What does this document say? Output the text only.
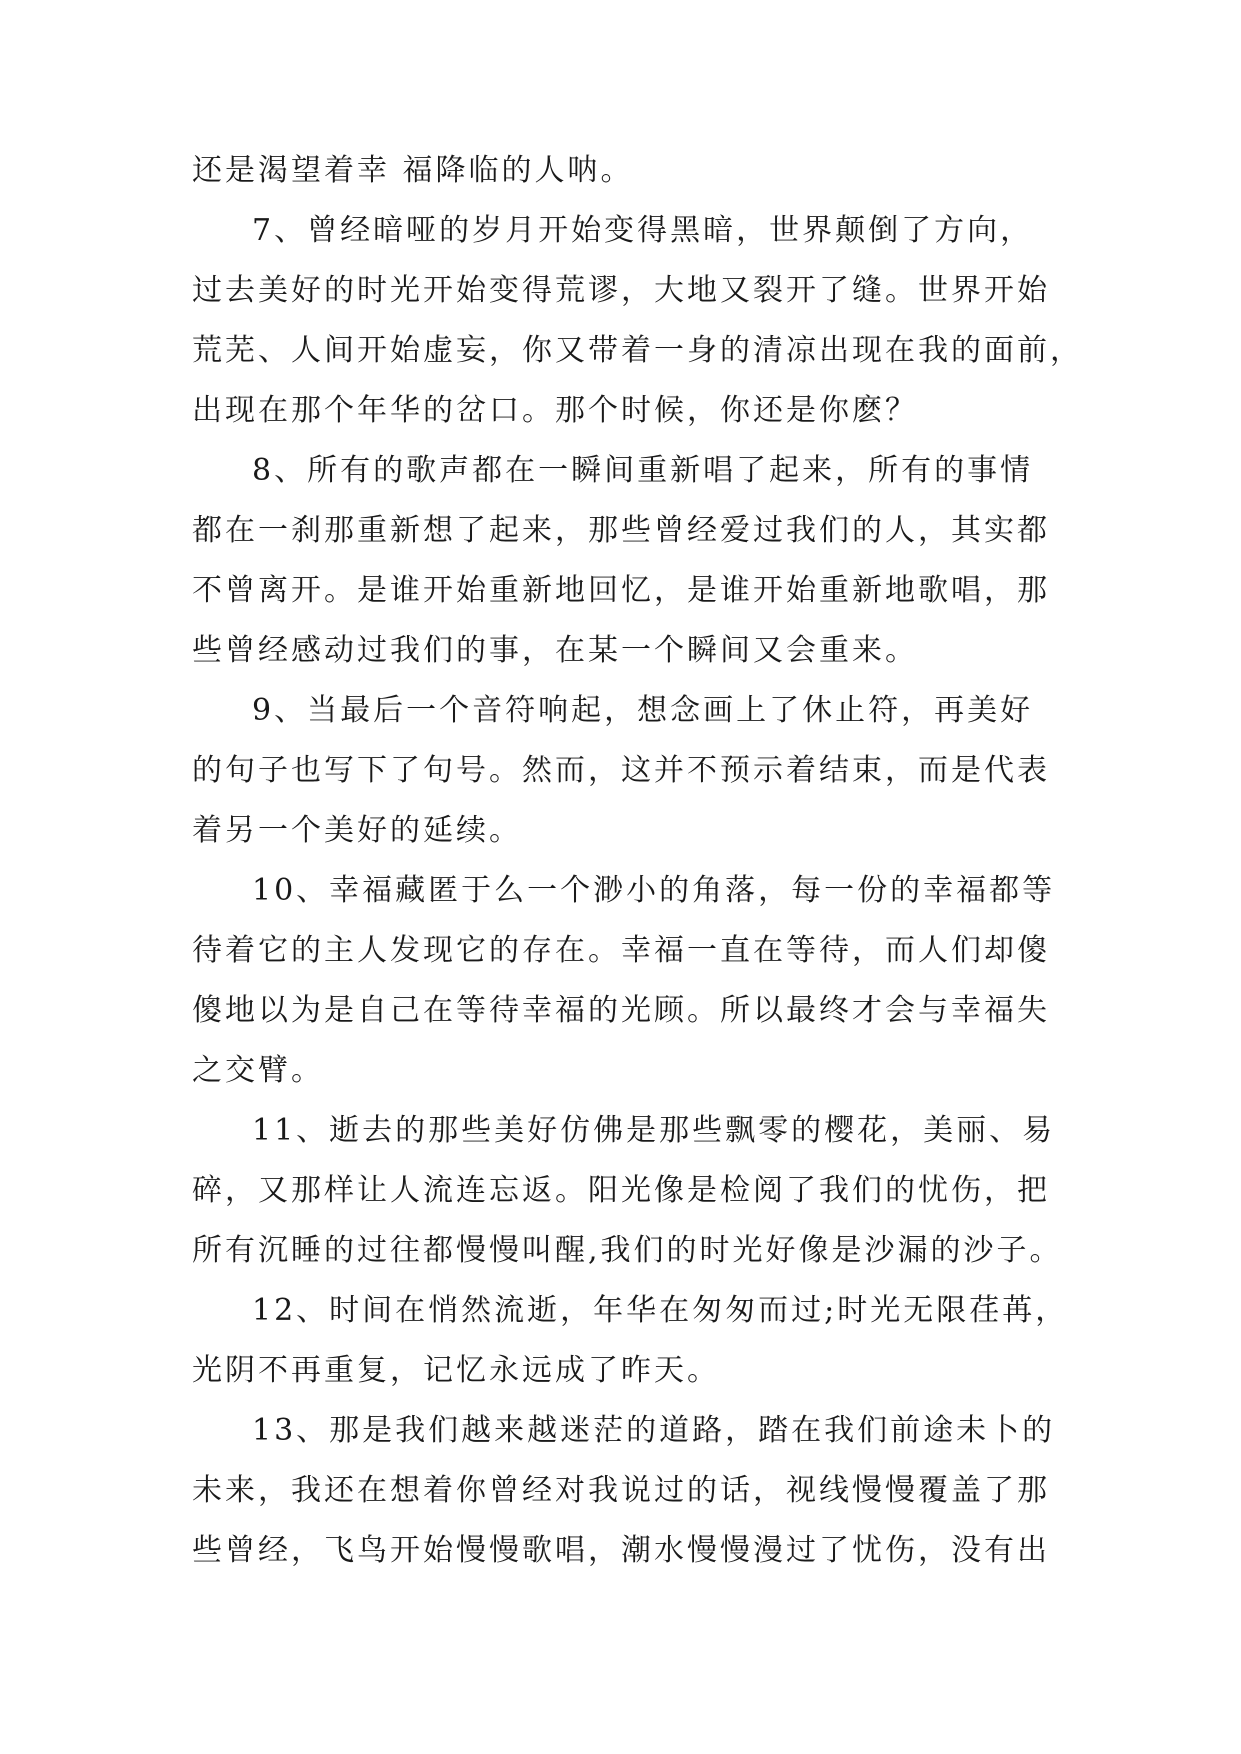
还是渴望着幸 福降临的人呐。
7、曾经暗哑的岁月开始变得黑暗，世界颠倒了方向，
过去美好的时光开始变得荒谬，大地又裂开了缝。世界开始
荒芜、人间开始虚妄，你又带着一身的清凉出现在我的面前，
出现在那个年华的岔口。那个时候，你还是你麽？
8、所有的歌声都在一瞬间重新唱了起来，所有的事情
都在一刹那重新想了起来，那些曾经爱过我们的人，其实都
不曾离开。是谁开始重新地回忆，是谁开始重新地歌唱，那
些曾经感动过我们的事，在某一个瞬间又会重来。
9、当最后一个音符响起，想念画上了休止符，再美好
的句子也写下了句号。然而，这并不预示着结束，而是代表
着另一个美好的延续。
10、幸福藏匿于么一个渺小的角落，每一份的幸福都等
待着它的主人发现它的存在。幸福一直在等待，而人们却傻
傻地以为是自己在等待幸福的光顾。所以最终才会与幸福失
之交臂。
11、逝去的那些美好仿佛是那些飘零的樱花，美丽、易
碎，又那样让人流连忘返。阳光像是检阅了我们的忧伤，把
所有沉睡的过往都慢慢叫醒,我们的时光好像是沙漏的沙子。
12、时间在悄然流逝，年华在匆匆而过;时光无限荏苒，
光阴不再重复，记忆永远成了昨天。
13、那是我们越来越迷茫的道路，踏在我们前途未卜的
未来，我还在想着你曾经对我说过的话，视线慢慢覆盖了那
些曾经，飞鸟开始慢慢歌唱，潮水慢慢漫过了忧伤，没有出
